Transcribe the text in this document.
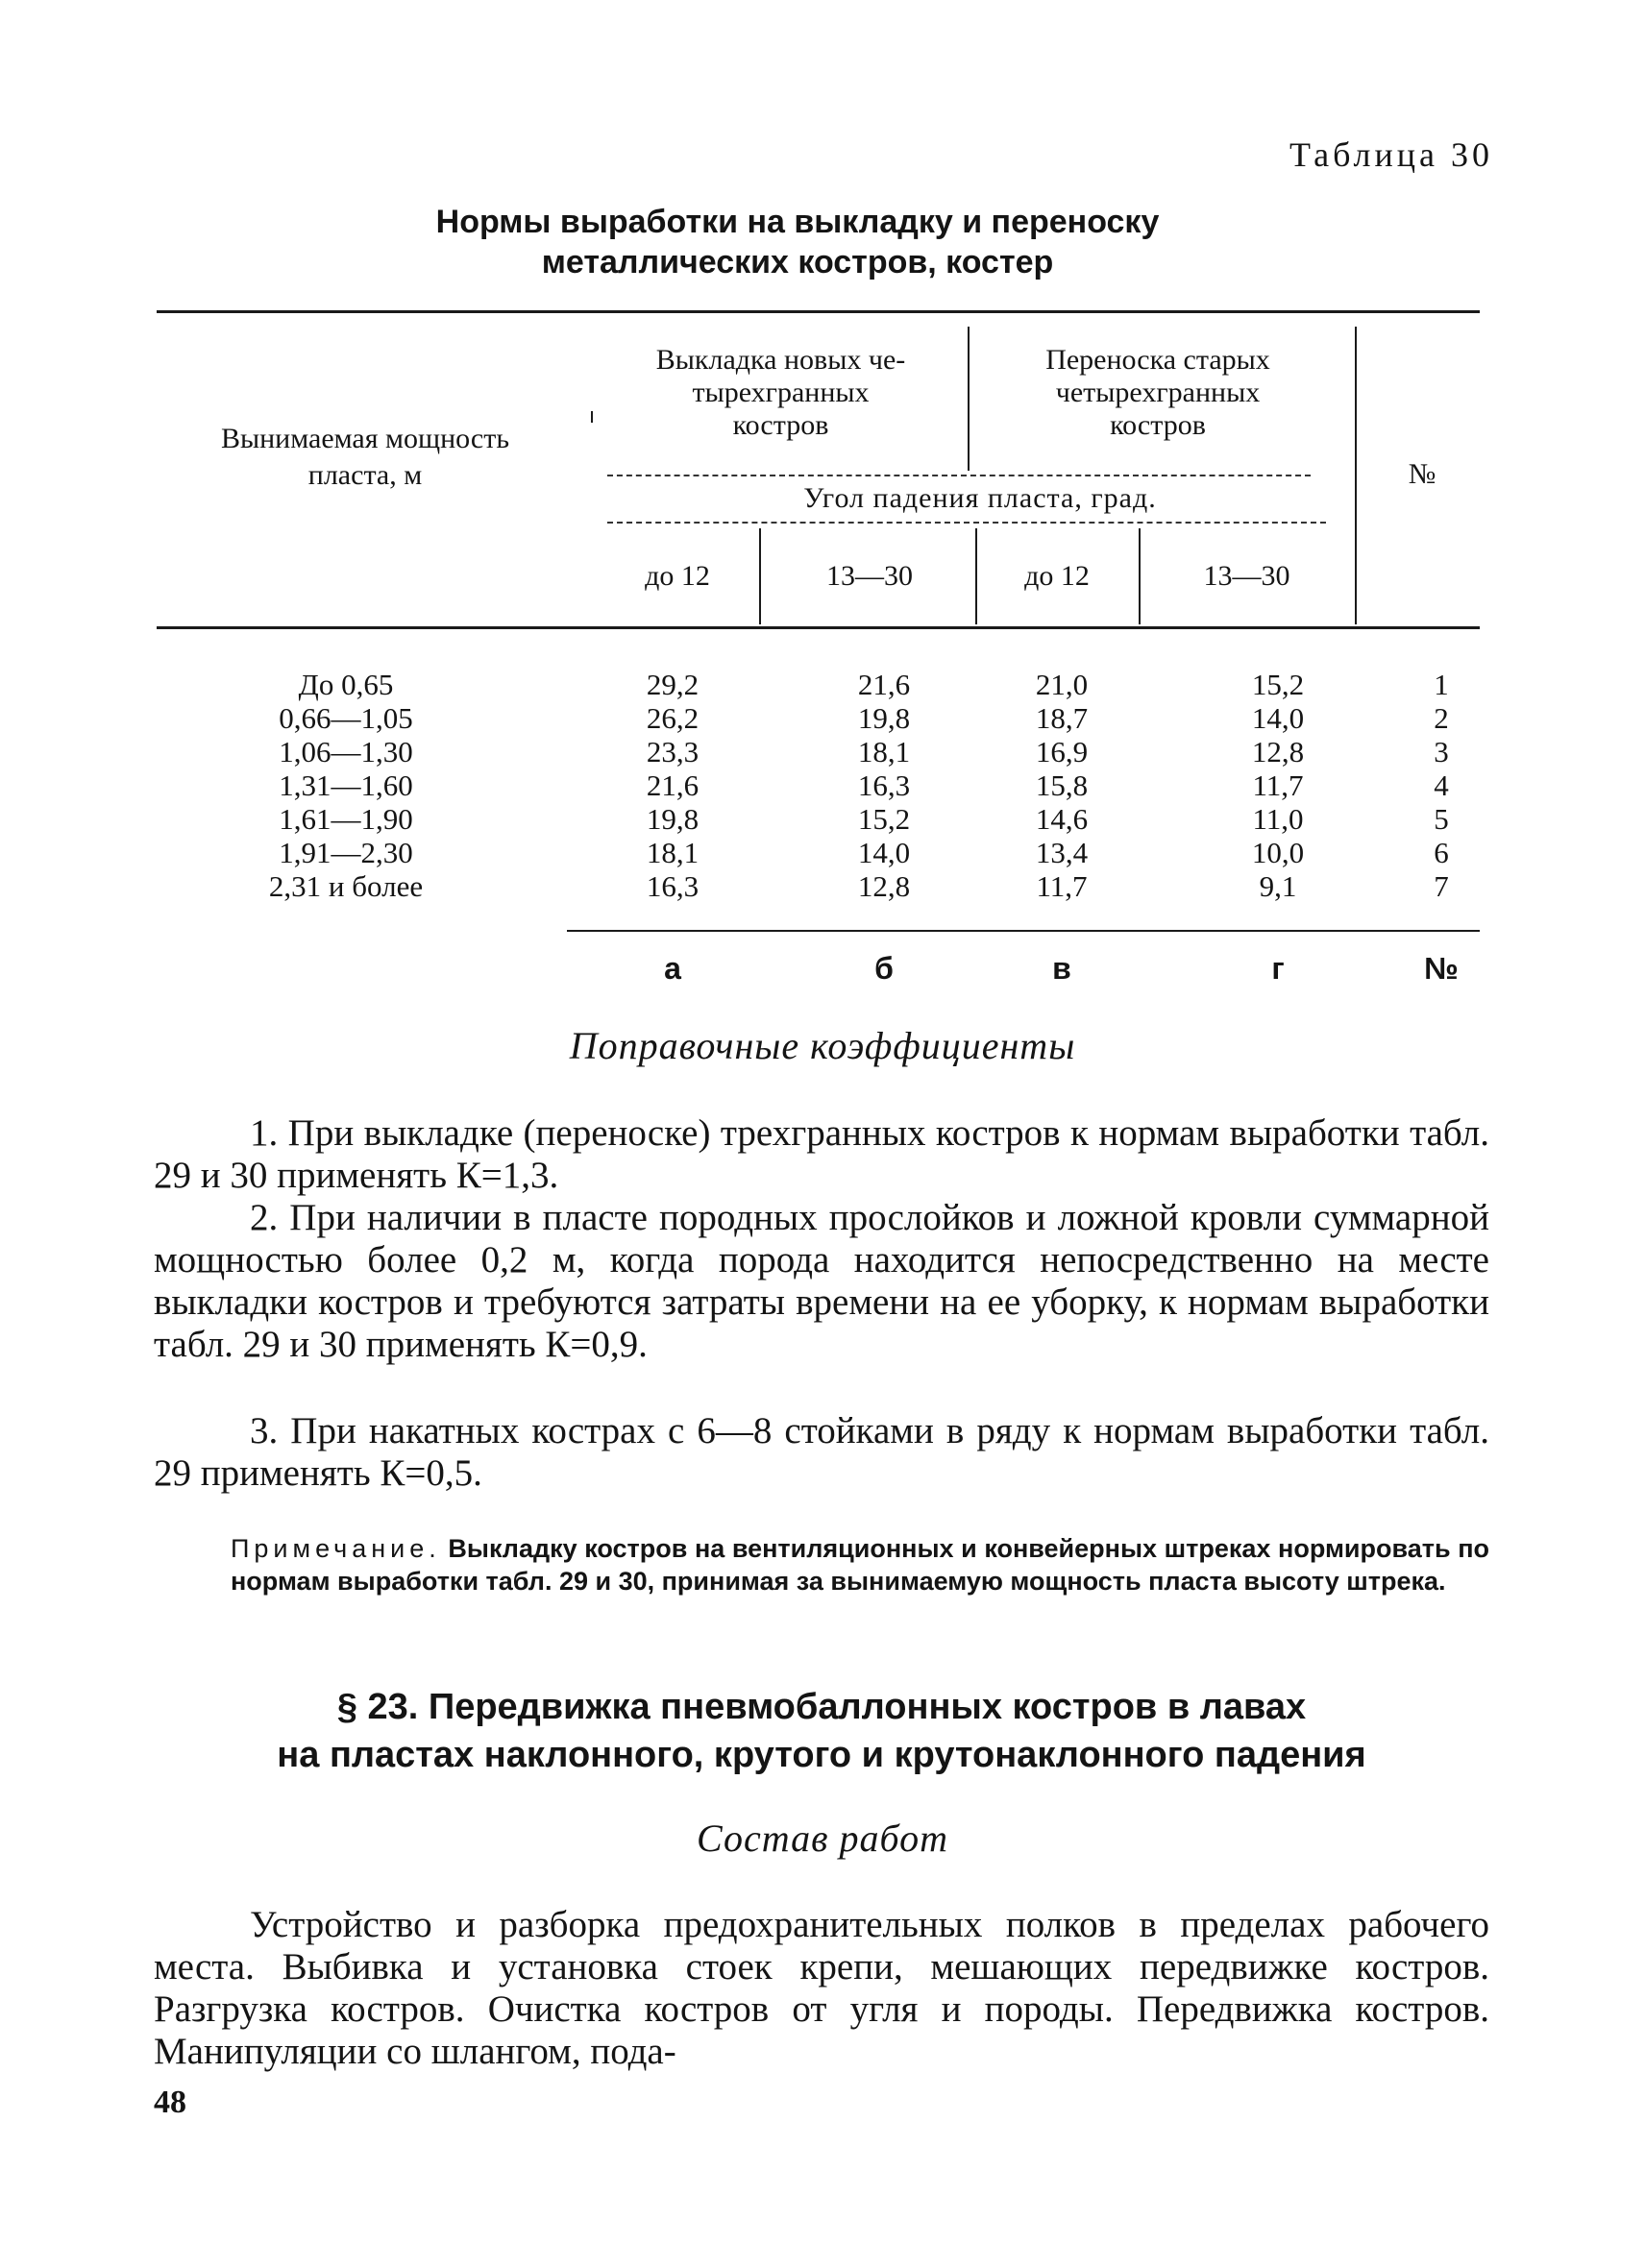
Таблица 30
Нормы выработки на выкладку и переноску
металлических костров, костер
Вынимаемая мощность
пласта, м
Выкладка новых че-
тырехгранных
костров
Переноска старых
четырехгранных
костров
Угол падения пласта, град.
до 12	13—30	до 12	13—30
№
До 0,65	29,2	21,6	21,0	15,2	1
0,66—1,05	26,2	19,8	18,7	14,0	2
1,06—1,30	23,3	18,1	16,9	12,8	3
1,31—1,60	21,6	16,3	15,8	11,7	4
1,61—1,90	19,8	15,2	14,6	11,0	5
1,91—2,30	18,1	14,0	13,4	10,0	6
2,31 и более	16,3	12,8	11,7	9,1	7
а	б	в	г	№
Поправочные коэффициенты
1. При выкладке (переноске) трехгранных костров к нормам выработки табл. 29 и 30 применять К=1,3.
2. При наличии в пласте породных прослойков и ложной кровли суммарной мощностью более 0,2 м, когда порода находится непосредственно на месте выкладки костров и требуются затраты времени на ее уборку, к нормам выработки табл. 29 и 30 применять К=0,9.
3. При накатных кострах с 6—8 стойками в ряду к нормам выработки табл. 29 применять К=0,5.
Примечание. Выкладку костров на вентиляционных и конвейерных штреках нормировать по нормам выработки табл. 29 и 30, принимая за вынимаемую мощность пласта высоту штрека.
§ 23. Передвижка пневмобаллонных костров в лавах
на пластах наклонного, крутого и крутонаклонного падения
Состав работ
Устройство и разборка предохранительных полков в пределах рабочего места. Выбивка и установка стоек крепи, мешающих передвижке костров. Разгрузка костров. Очистка костров от угля и породы. Передвижка костров. Манипуляции со шлангом, пода-
48
